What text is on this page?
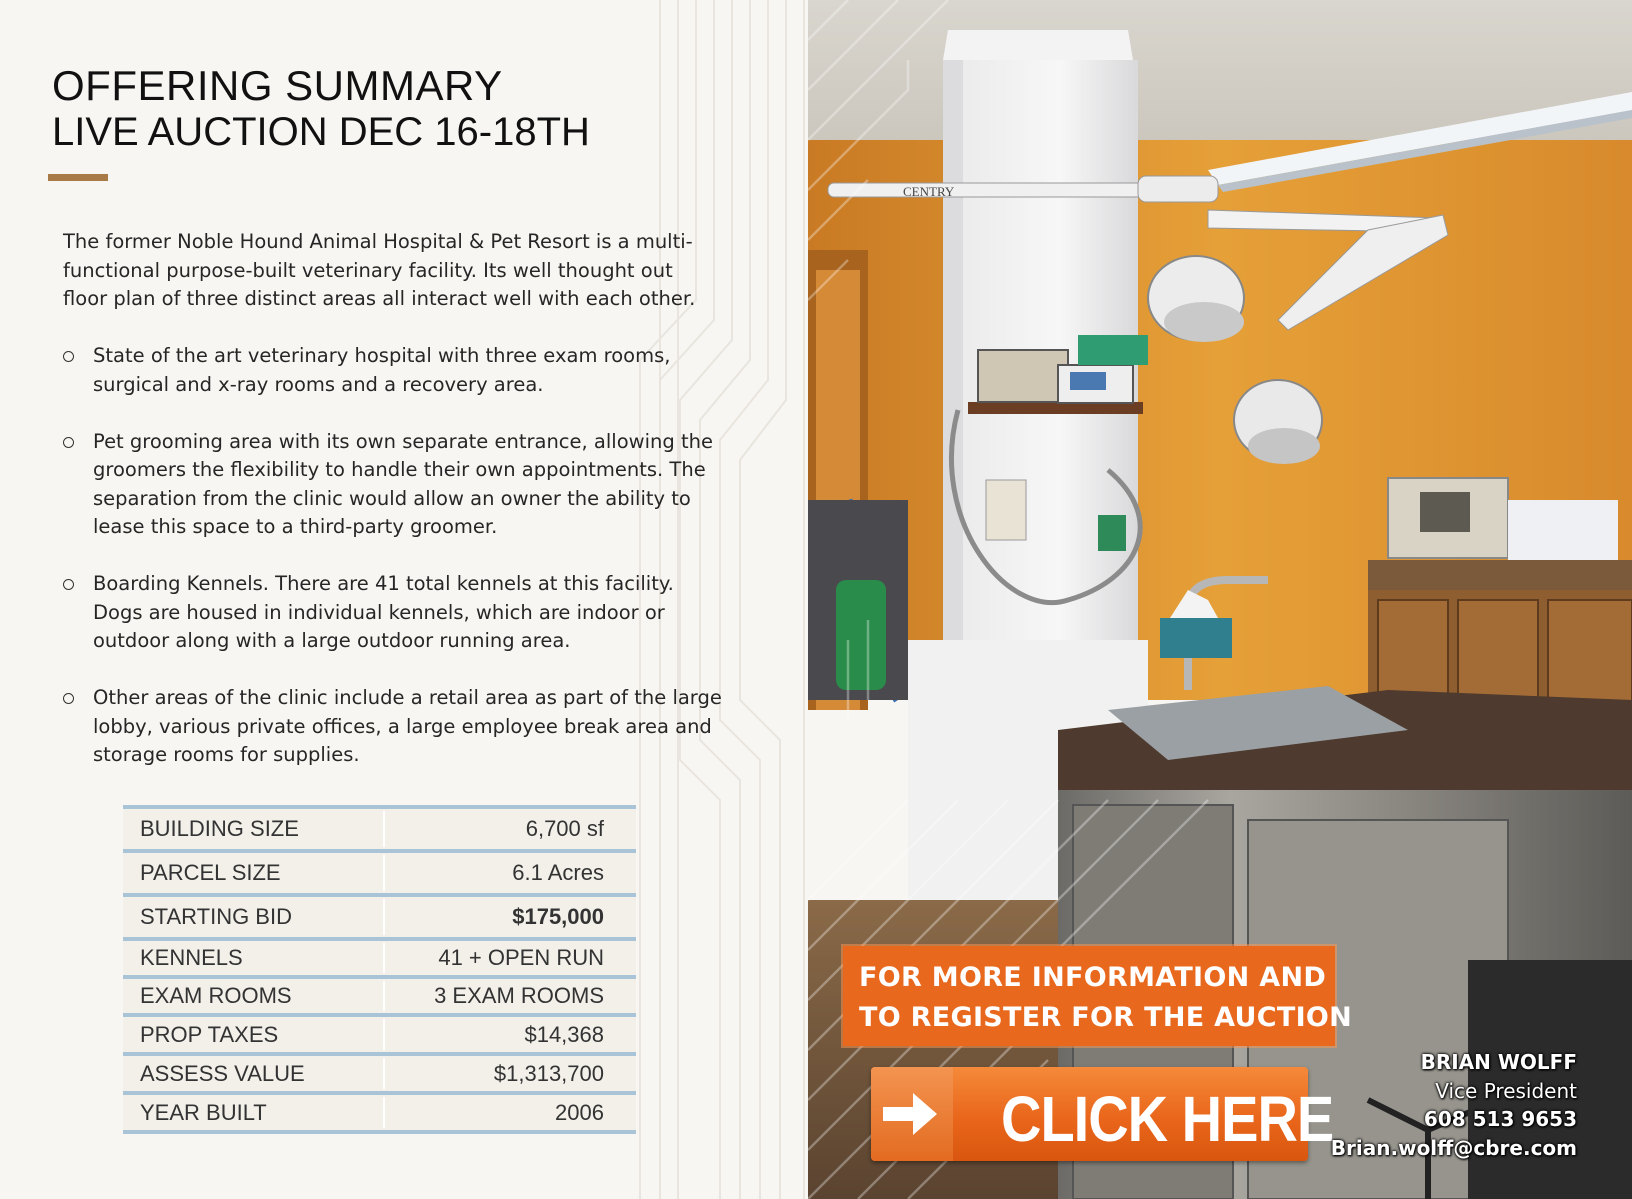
OFFERING SUMMARY
LIVE AUCTION DEC 16-18TH

The former Noble Hound Animal Hospital & Pet Resort is a multi-functional purpose-built veterinary facility. Its well thought out floor plan of three distinct areas all interact well with each other.

State of the art veterinary hospital with three exam rooms, surgical and x-ray rooms and a recovery area.
Pet grooming area with its own separate entrance, allowing the groomers the flexibility to handle their own appointments. The separation from the clinic would allow an owner the ability to lease this space to a third-party groomer.
Boarding Kennels. There are 41 total kennels at this facility. Dogs are housed in individual kennels, which are indoor or outdoor along with a large outdoor running area.
Other areas of the clinic include a retail area as part of the large lobby, various private offices, a large employee break area and storage rooms for supplies.
BUILDING SIZE	6,700 sf
PARCEL SIZE	6.1 Acres
STARTING BID	$175,000
KENNELS	41 + OPEN RUN
EXAM ROOMS	3 EXAM ROOMS
PROP TAXES	$14,368
ASSESS VALUE	$1,313,700
YEAR BUILT	2006
CENTRY
FOR MORE INFORMATION AND
TO REGISTER FOR THE AUCTION
CLICK HERE
BRIAN WOLFF
Vice President
608 513 9653
Brian.wolff@cbre.com
